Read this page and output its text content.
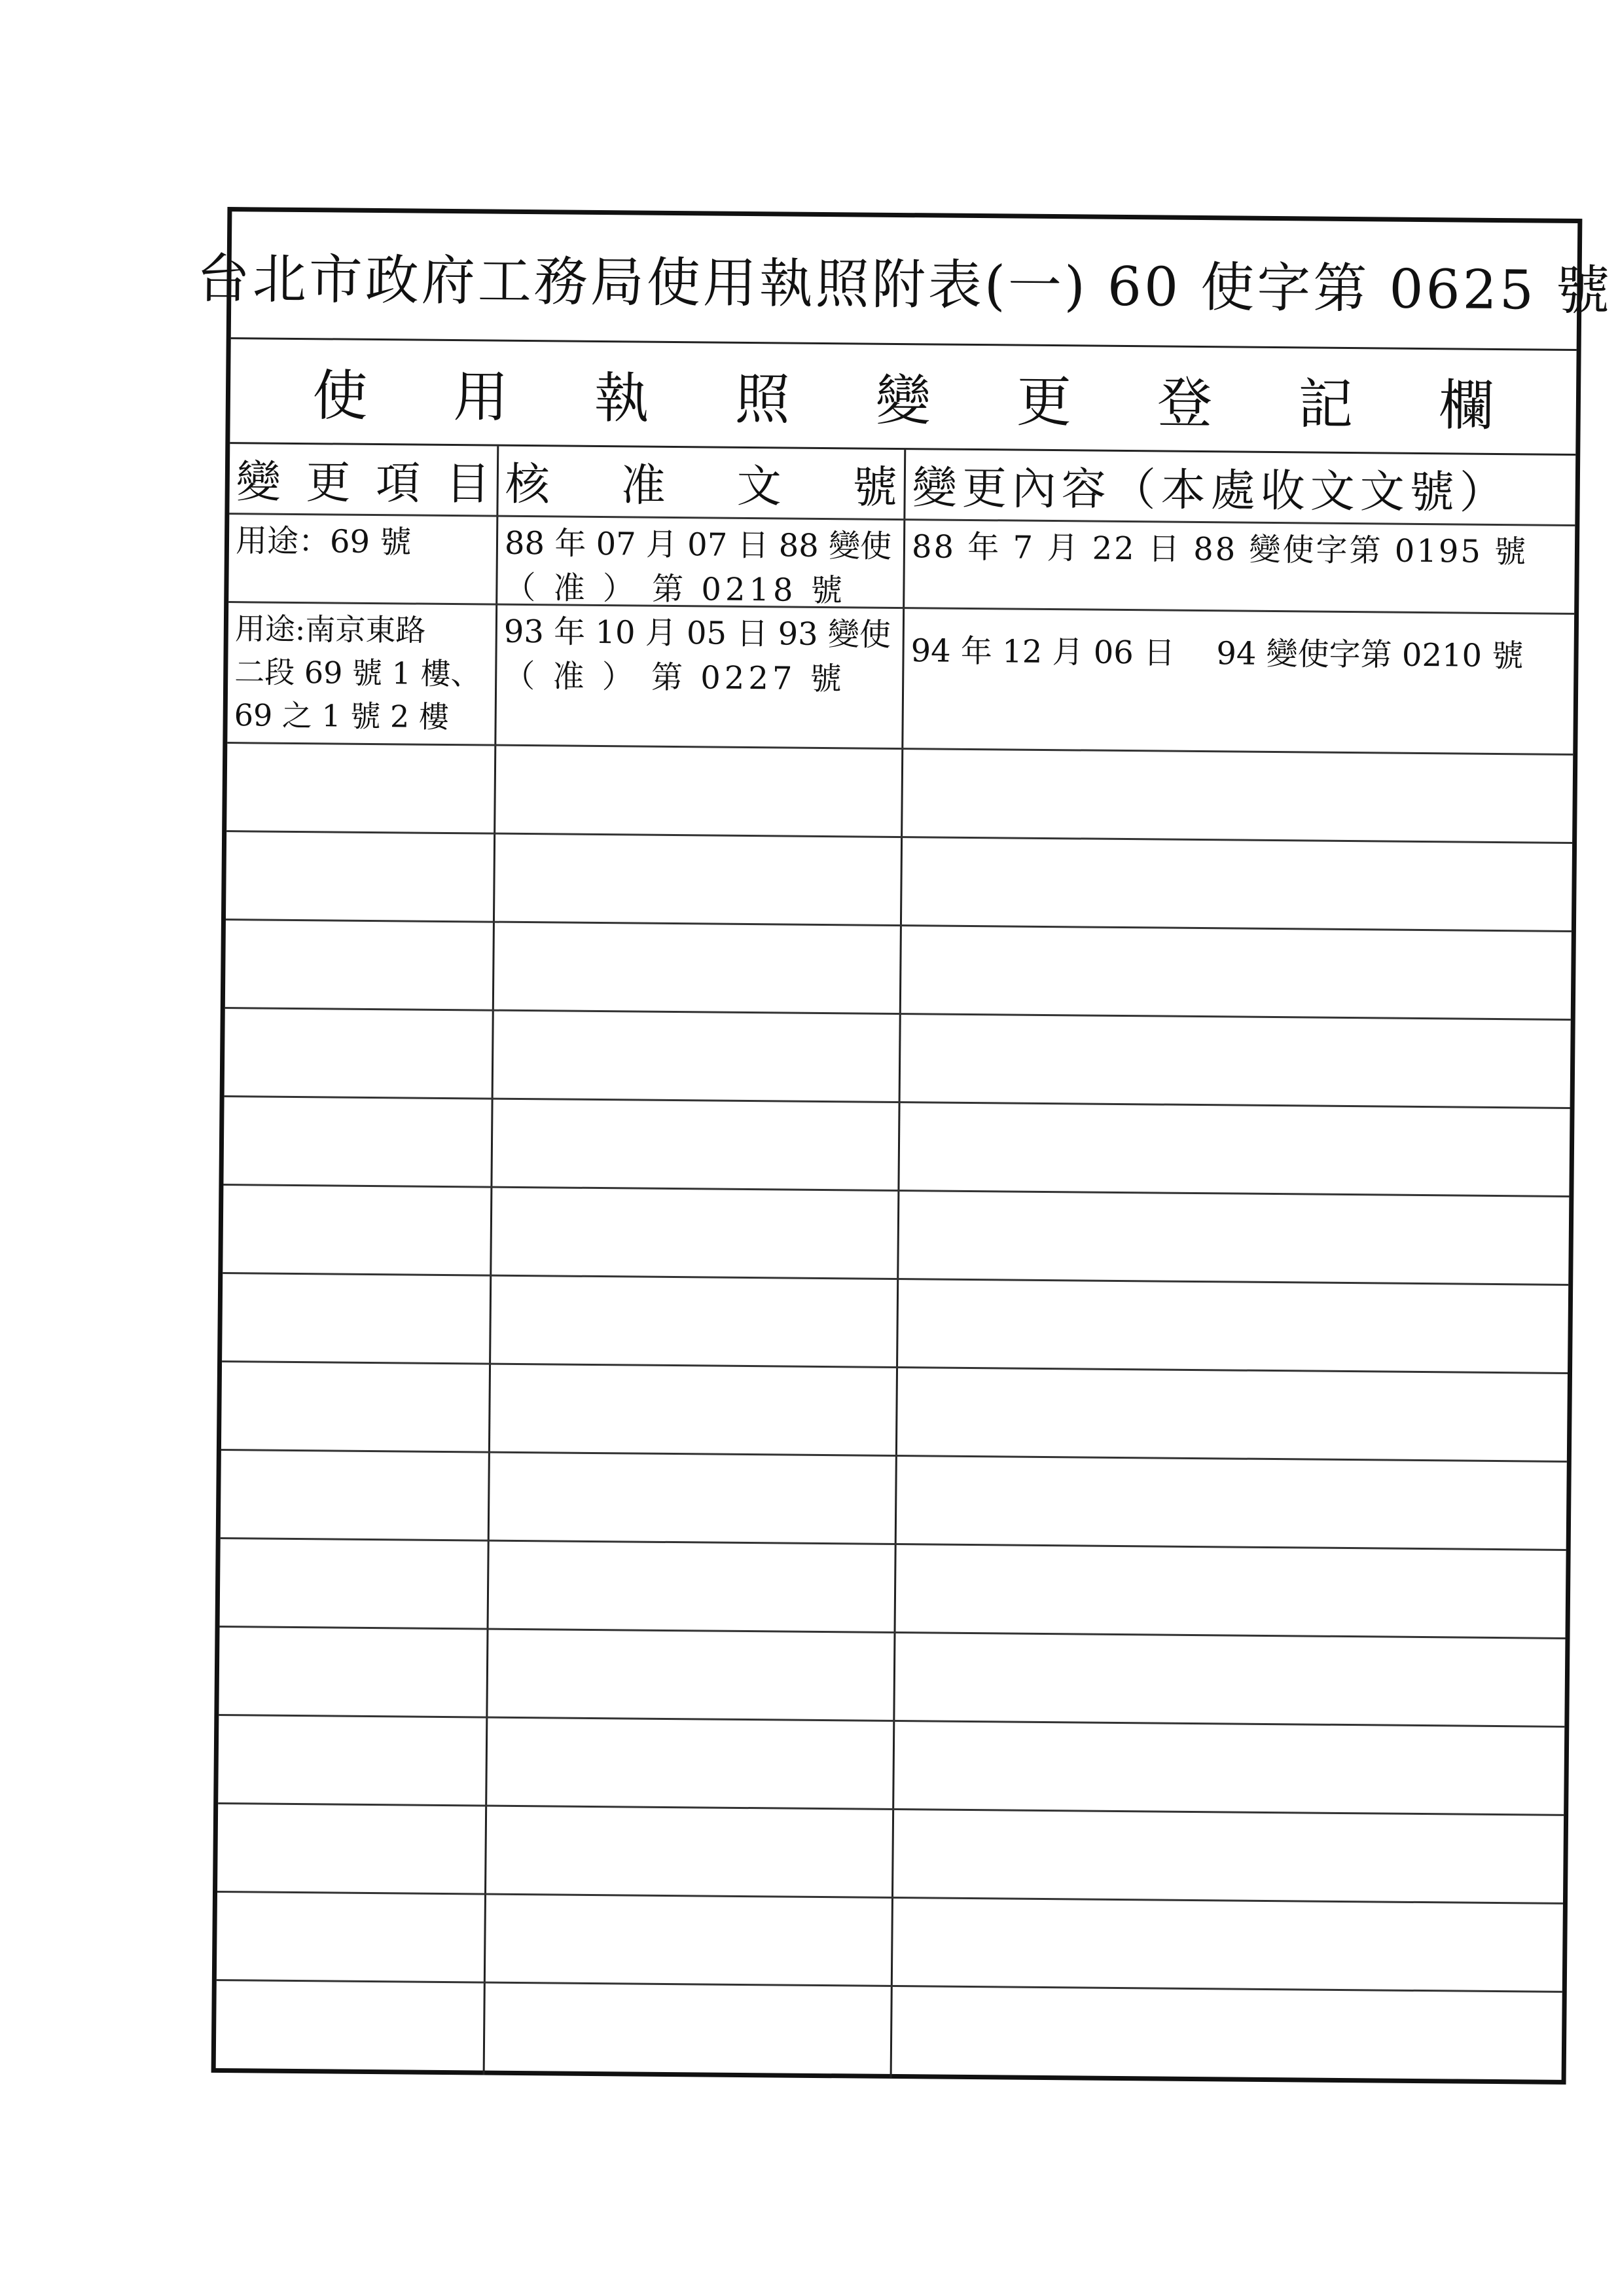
台北市政府工務局使用執照附表(一) 60 使字第 0625 號
使 用 執 照 變 更 登 記 欄
變 更 項 目 核 准 文 號 變更內容（本處收文文號）
用途：69 號	88 年 07 月 07 日 88 變使
（ 准 ） 第 0218 號
88 年 7 月 22 日 88 變使字第 0195 號
用途:南京東路
二段 69 號 1 樓、
69 之 1 號 2 樓
93 年 10 月 05 日 93 變使
（ 准 ） 第 0227 號
94 年 12 月 06 日　 94 變使字第 0210 號
